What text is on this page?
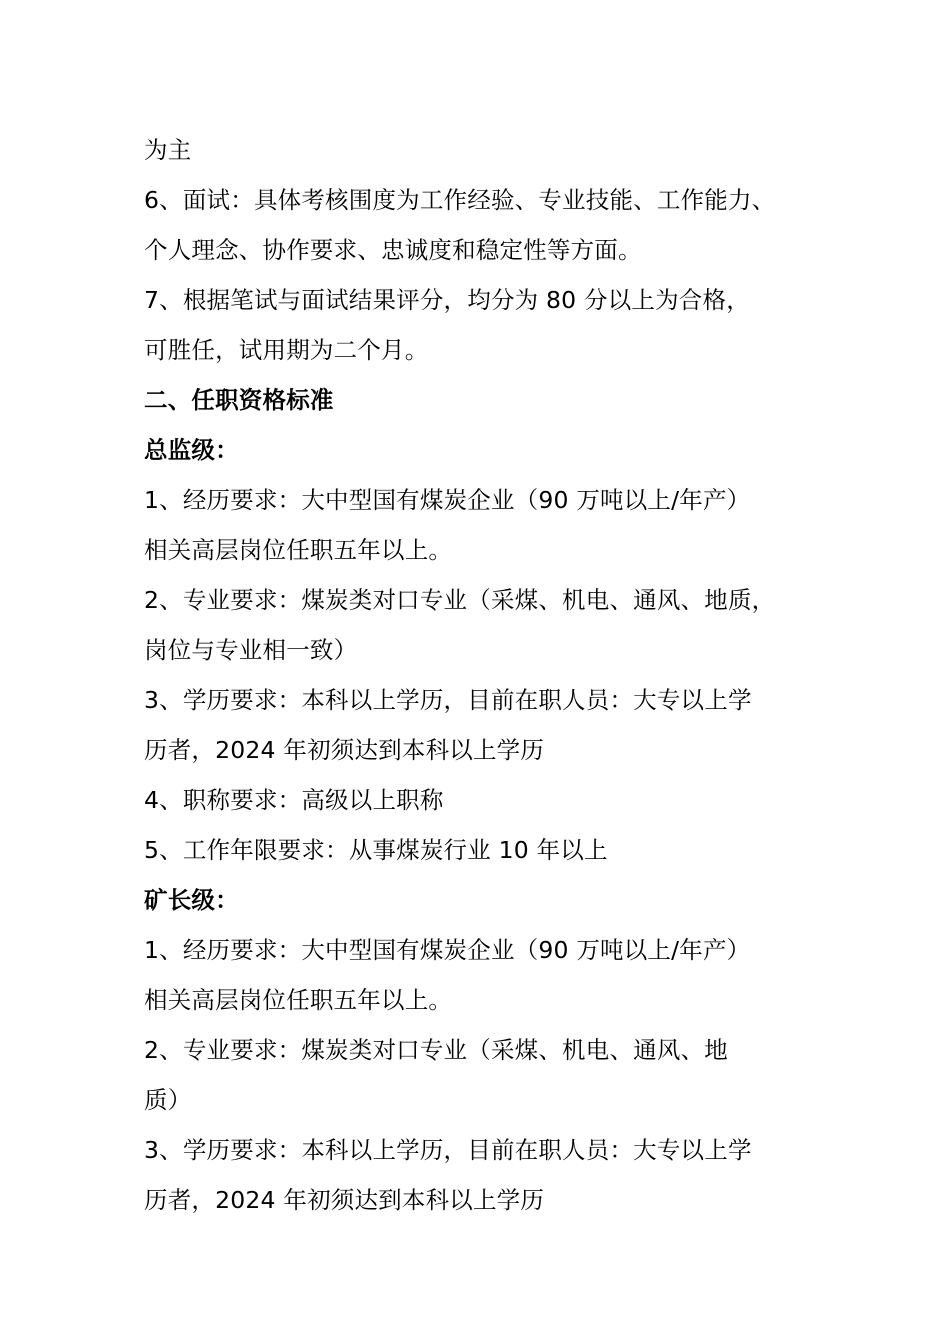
为主
6、面试：具体考核围度为工作经验、专业技能、工作能力、
个人理念、协作要求、忠诚度和稳定性等方面。
7、根据笔试与面试结果评分，均分为 80 分以上为合格，
可胜任，试用期为二个月。
二、任职资格标准
总监级：
1、经历要求：大中型国有煤炭企业（90 万吨以上/年产）
相关高层岗位任职五年以上。
2、专业要求：煤炭类对口专业（采煤、机电、通风、地质，
岗位与专业相一致）
3、学历要求：本科以上学历，目前在职人员：大专以上学
历者，2024 年初须达到本科以上学历
4、职称要求：高级以上职称
5、工作年限要求：从事煤炭行业 10 年以上
矿长级：
1、经历要求：大中型国有煤炭企业（90 万吨以上/年产）
相关高层岗位任职五年以上。
2、专业要求：煤炭类对口专业（采煤、机电、通风、地
质）
3、学历要求：本科以上学历，目前在职人员：大专以上学
历者，2024 年初须达到本科以上学历
